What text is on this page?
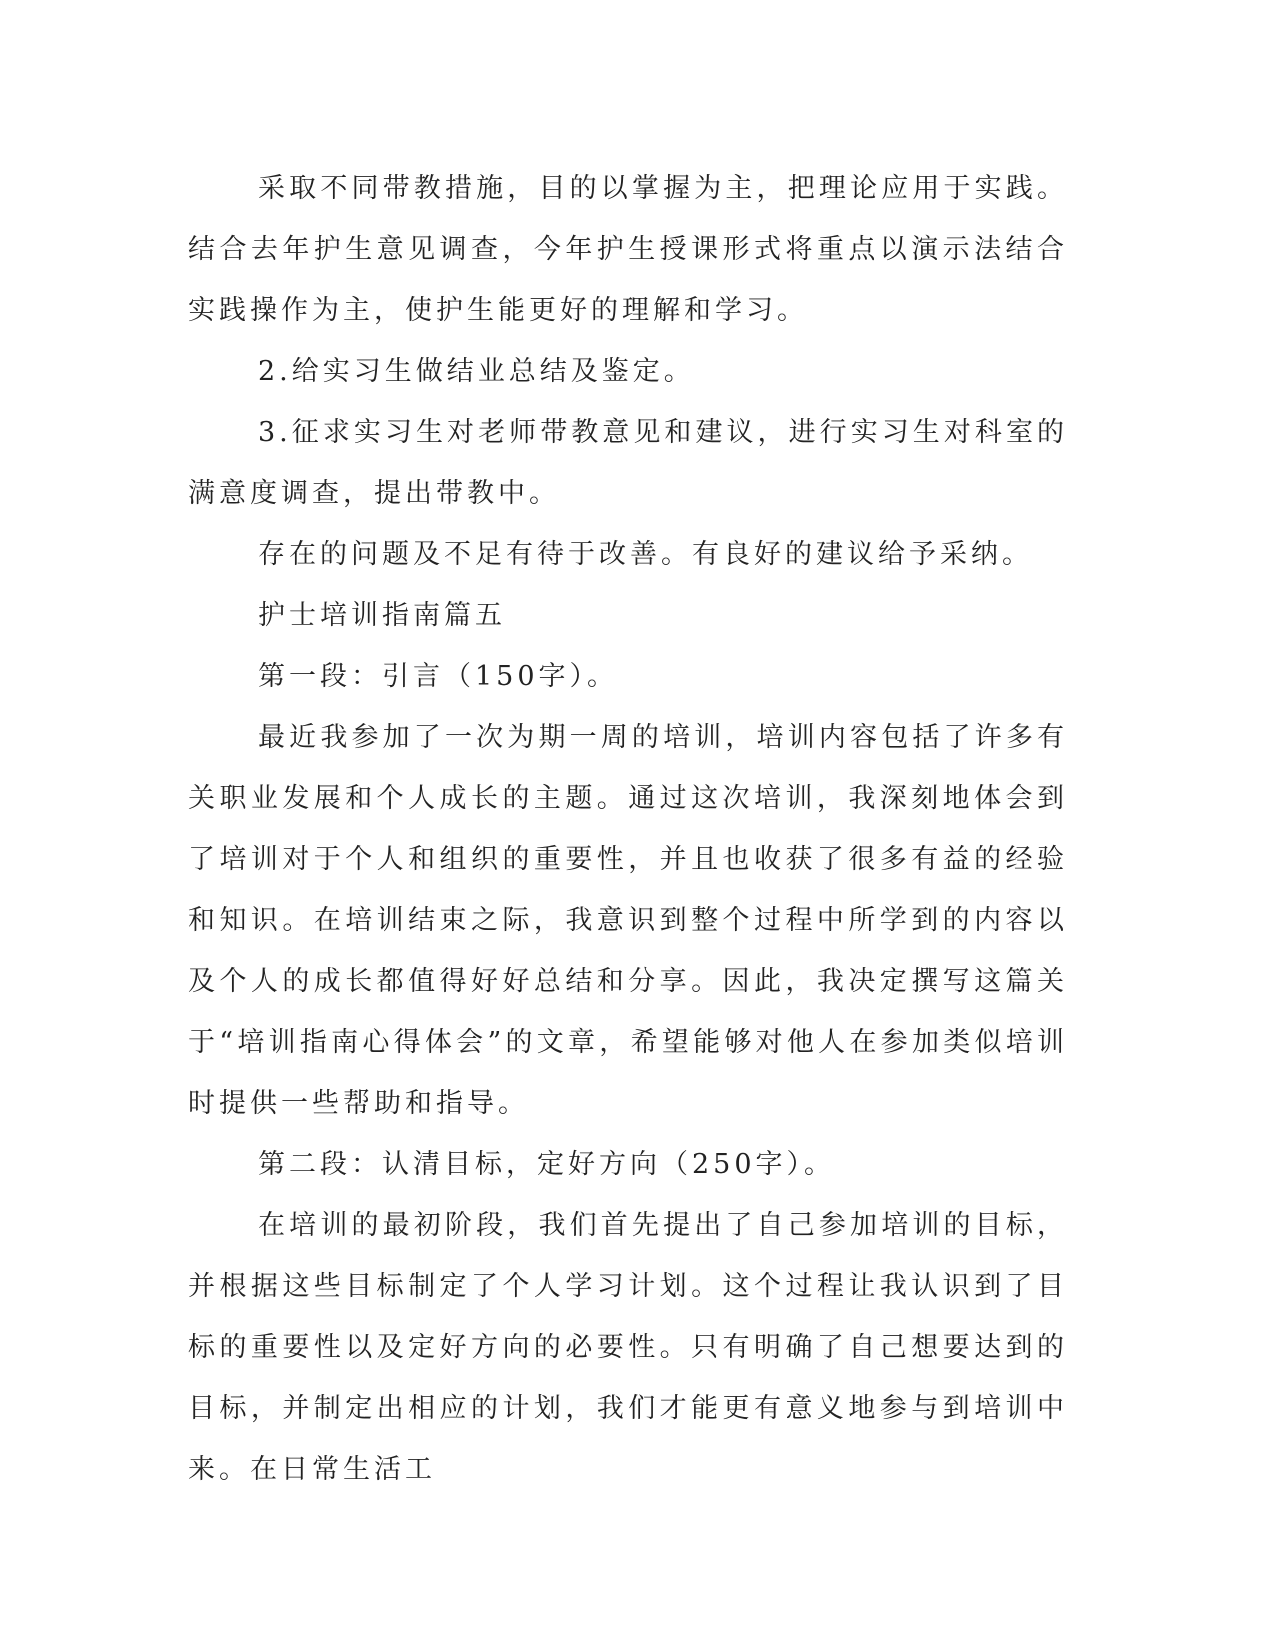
采取不同带教措施，目的以掌握为主，把理论应用于实践。结合去年护生意见调查，今年护生授课形式将重点以演示法结合实践操作为主，使护生能更好的理解和学习。

2.给实习生做结业总结及鉴定。

3.征求实习生对老师带教意见和建议，进行实习生对科室的满意度调查，提出带教中。

存在的问题及不足有待于改善。有良好的建议给予采纳。

护士培训指南篇五

第一段：引言（150字）。

最近我参加了一次为期一周的培训，培训内容包括了许多有关职业发展和个人成长的主题。通过这次培训，我深刻地体会到了培训对于个人和组织的重要性，并且也收获了很多有益的经验和知识。在培训结束之际，我意识到整个过程中所学到的内容以及个人的成长都值得好好总结和分享。因此，我决定撰写这篇关于“培训指南心得体会”的文章，希望能够对他人在参加类似培训时提供一些帮助和指导。

第二段：认清目标，定好方向（250字）。

在培训的最初阶段，我们首先提出了自己参加培训的目标，并根据这些目标制定了个人学习计划。这个过程让我认识到了目标的重要性以及定好方向的必要性。只有明确了自己想要达到的目标，并制定出相应的计划，我们才能更有意义地参与到培训中来。在日常生活工
